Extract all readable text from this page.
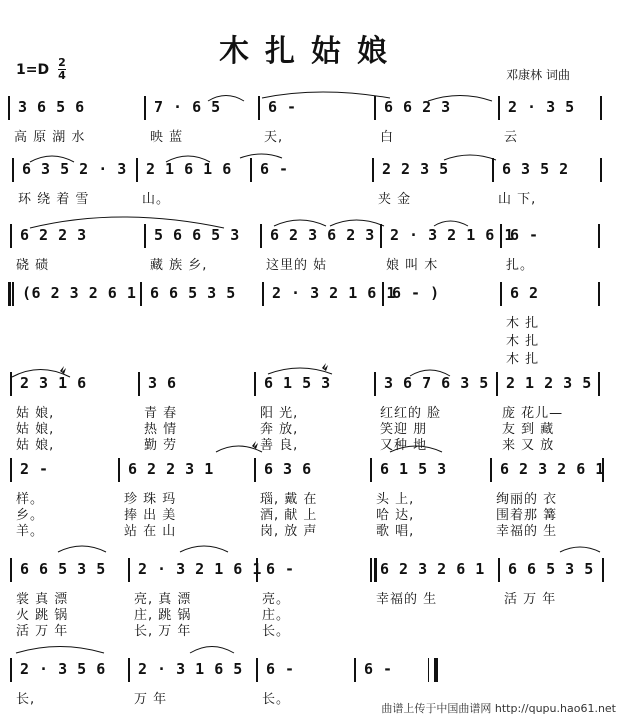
木扎姑娘
1=D 2
4	邓康林 词曲
3 6 5 6
高 原 湖 水
7 · 6 5
映 蓝
6 -
天,
6 6 2 3
白
2 · 3 5
云
6 3 5 2 · 3
环 绕 着 雪
2 1 6 1 6
山。
6 -	2 2 3 5
夹 金
6 3 5 2
山 下,
6 2 2 3
硗 碛
5 6 6 5 3
藏 族 乡,
6 2 3 6 2 3
这里的 姑
2 · 3 2 1 6 1
娘 叫 木
6 -
扎。
(6 2 3 2 6 1 6 6 5 3 5 2 · 3 2 1 6 1
6 - )	6 2
木 扎
木 扎
木 扎
2 3 1 6
姑 娘,
姑 娘,
姑 娘,
3 6
青 春
热 情
勤 劳
6 1 5 3
阳 光,
奔 放,
善 良,
3 6 7 6 3 5
红红的 脸
笑迎 朋
又种 地
2 1 2 3 5
庞 花儿—
友 到 藏
来 又 放
2 -
样。
乡。
羊。
6 2 2 3 1
珍 珠 玛
捧 出 美
站 在 山
6 3 6
瑙, 戴 在
酒, 献 上
岗, 放 声
6 1 5 3
头 上,
哈 达,
歌 唱,
6 2 3 2 6 1
绚丽的 衣
围着那 篝
幸福的 生
6 6 5 3 5
裳 真 漂
火 跳 锅
活 万 年
2 · 3 2 1 6 1
亮, 真 漂
庄, 跳 锅
长, 万 年
6 -
亮。
庄。
长。
6 2 3 2 6 1
幸福的 生
6 6 5 3 5
活 万 年
2 · 3 5 6
长,
2 · 3 1 6 5
万 年
6 -
长。
6 -
曲谱上传于中国曲谱网 http://qupu.hao61.net
